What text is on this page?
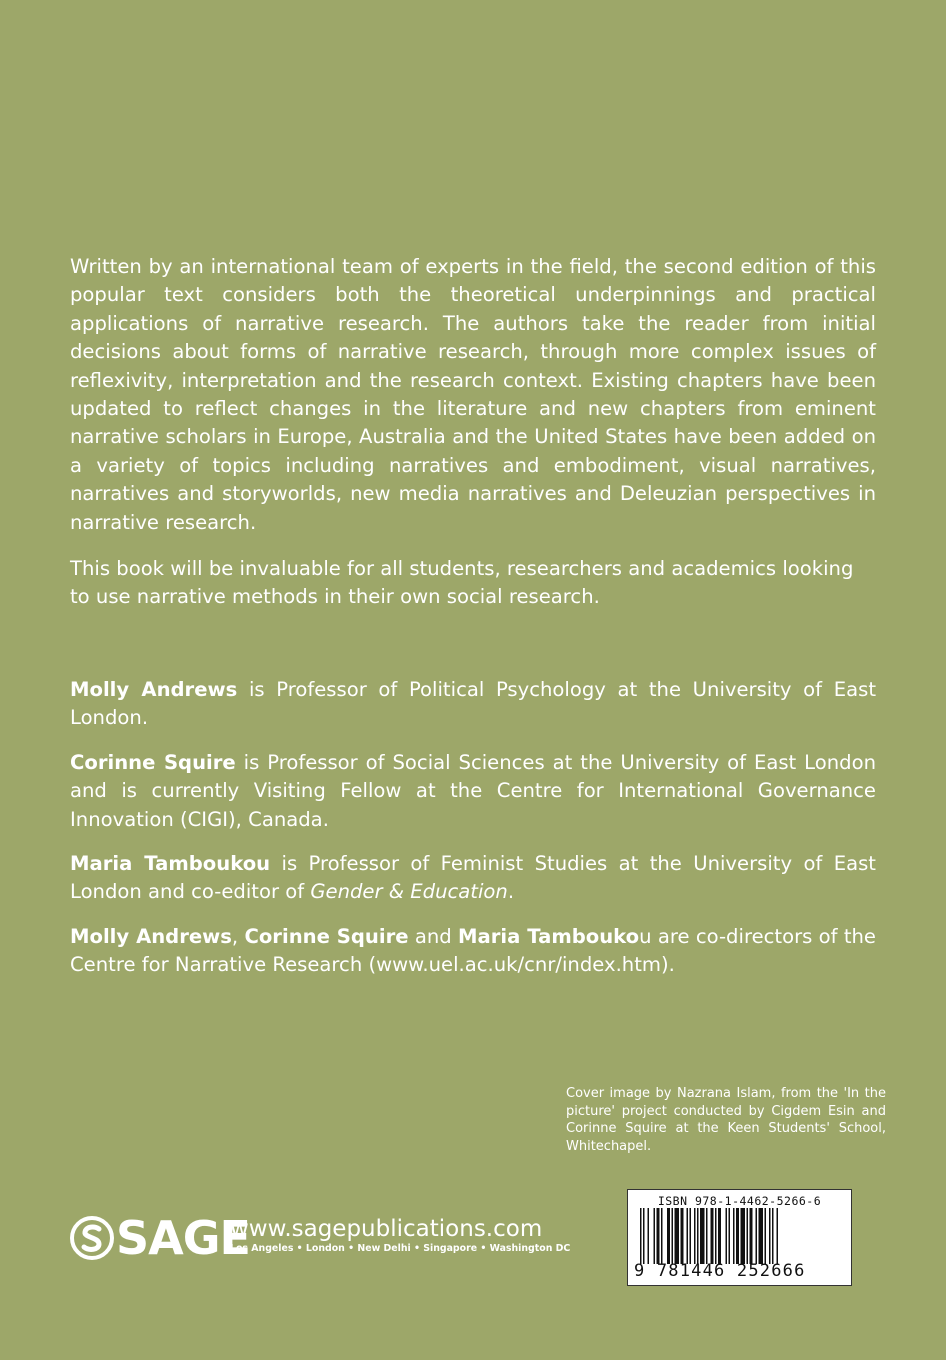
Written by an international team of experts in the field, the second edition of this popular text considers both the theoretical underpinnings and practical applications of narrative research. The authors take the reader from initial decisions about forms of narrative research, through more complex issues of reflexivity, interpretation and the research context. Existing chapters have been updated to reflect changes in the literature and new chapters from eminent narrative scholars in Europe, Australia and the United States have been added on a variety of topics including narratives and embodiment, visual narratives, narratives and storyworlds, new media narratives and Deleuzian perspectives in narrative research.

This book will be invaluable for all students, researchers and academics looking to use narrative methods in their own social research.

Molly Andrews is Professor of Political Psychology at the University of East London.

Corinne Squire is Professor of Social Sciences at the University of East London and is currently Visiting Fellow at the Centre for International Governance Innovation (CIGI), Canada.

Maria Tamboukou is Professor of Feminist Studies at the University of East London and co-editor of Gender & Education.

Molly Andrews, Corinne Squire and Maria Tamboukou are co-directors of the Centre for Narrative Research (www.uel.ac.uk/cnr/index.htm).

Cover image by Nazrana Islam, from the 'In the picture' project conducted by Cigdem Esin and Corinne Squire at the Keen Students' School, Whitechapel.
SAGE
www.sagepublications.com
Los Angeles • London • New Delhi • Singapore • Washington DC
ISBN 978-1-4462-5266-6
9 781446 252666
